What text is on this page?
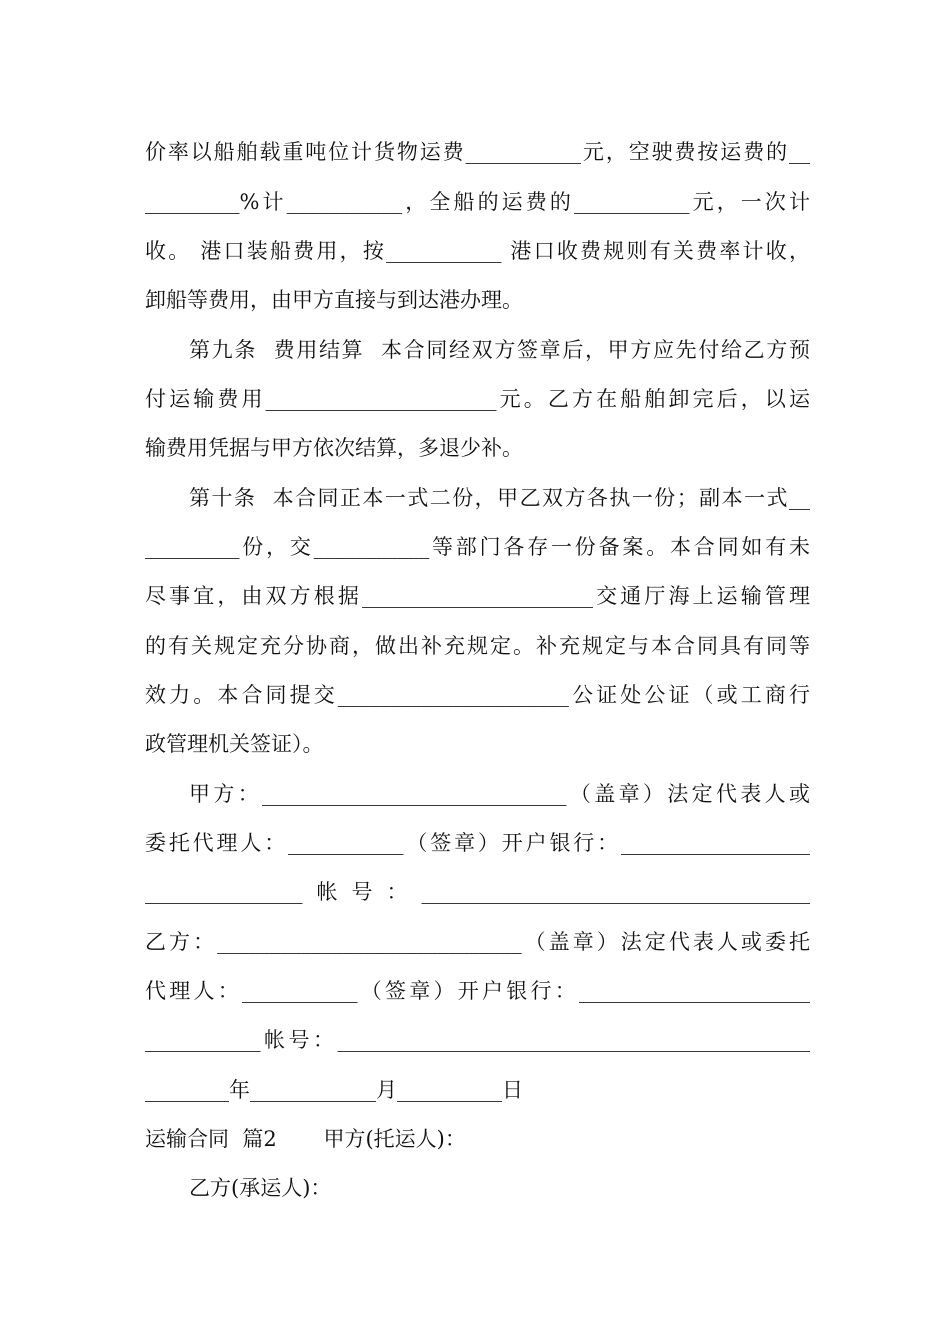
价率以船舶载重吨位计货物运费___________元，空驶费按运费的__

_________%计___________，全船的运费的___________元，一次计

收。 港口装船费用，按___________ 港口收费规则有关费率计收，

卸船等费用，由甲方直接与到达港办理。

第九条  费用结算  本合同经双方签章后，甲方应先付给乙方预

付运输费用______________________元。乙方在船舶卸完后，以运

输费用凭据与甲方依次结算，多退少补。

第十条  本合同正本一式二份，甲乙双方各执一份；副本一式__

_________份，交___________等部门各存一份备案。本合同如有未

尽事宜，由双方根据______________________交通厅海上运输管理

的有关规定充分协商，做出补充规定。补充规定与本合同具有同等

效力。本合同提交______________________公证处公证（或工商行

政管理机关签证）。

甲方：_____________________________（盖章）法定代表人或

委托代理人：___________（签章）开户银行：__________________

_______________帐号：_____________________________________

乙方：_____________________________（盖章）法定代表人或委托

代理人：___________（签章）开户银行：______________________

___________帐号：_____________________________________________

________年____________月__________日

运输合同  篇2       甲方(托运人)：

乙方(承运人)：
